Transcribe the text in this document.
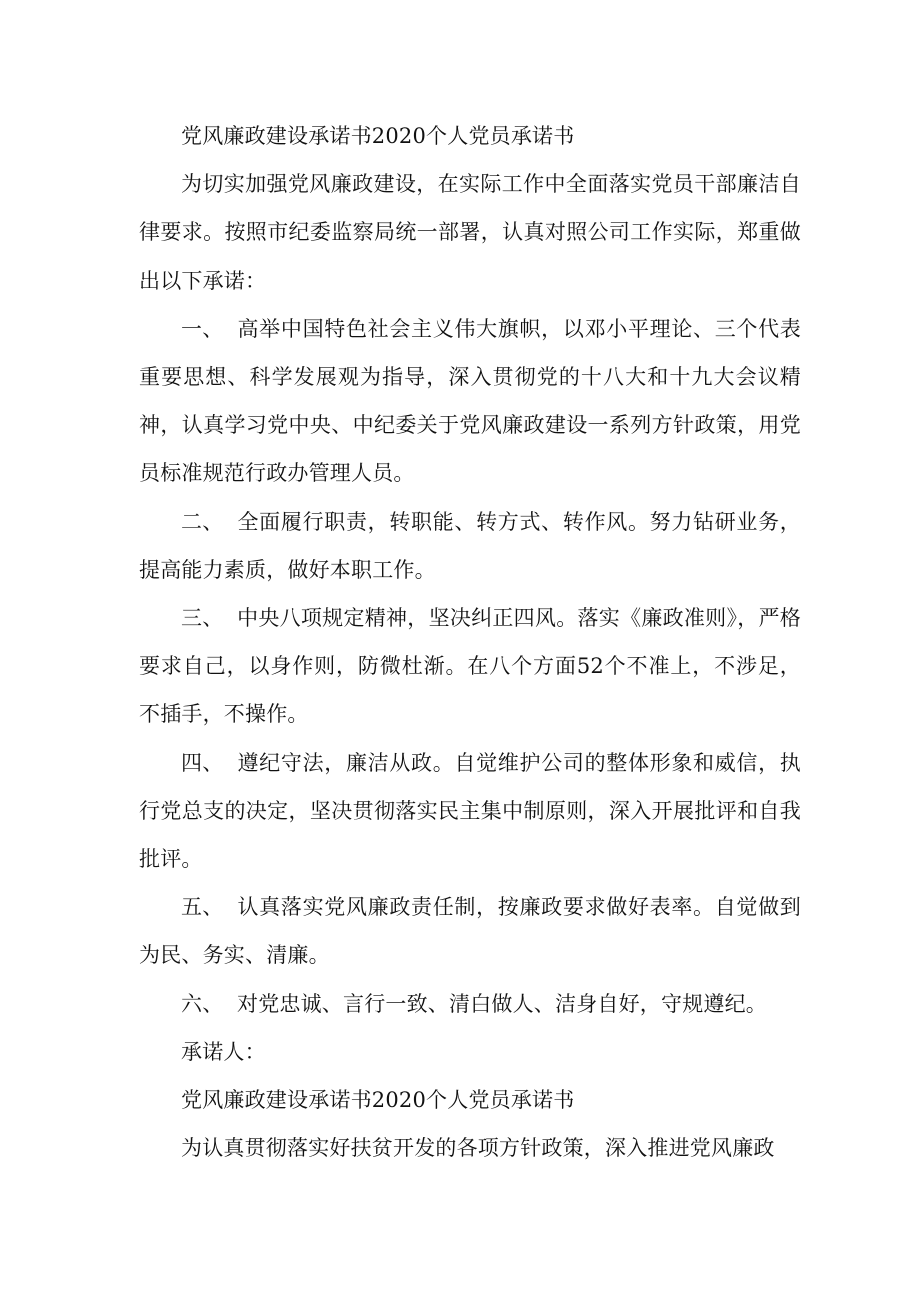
党风廉政建设承诺书2020个人党员承诺书

为切实加强党风廉政建设，在实际工作中全面落实党员干部廉洁自律要求。按照市纪委监察局统一部署，认真对照公司工作实际，郑重做出以下承诺：

一、 高举中国特色社会主义伟大旗帜，以邓小平理论、三个代表重要思想、科学发展观为指导，深入贯彻党的十八大和十九大会议精神，认真学习党中央、中纪委关于党风廉政建设一系列方针政策，用党员标准规范行政办管理人员。

二、 全面履行职责，转职能、转方式、转作风。努力钻研业务，提高能力素质，做好本职工作。

三、 中央八项规定精神，坚决纠正四风。落实《廉政准则》，严格要求自己，以身作则，防微杜渐。在八个方面52个不准上，不涉足，不插手，不操作。

四、 遵纪守法，廉洁从政。自觉维护公司的整体形象和威信，执行党总支的决定，坚决贯彻落实民主集中制原则，深入开展批评和自我批评。

五、 认真落实党风廉政责任制，按廉政要求做好表率。自觉做到为民、务实、清廉。

六、 对党忠诚、言行一致、清白做人、洁身自好，守规遵纪。

承诺人：

党风廉政建设承诺书2020个人党员承诺书

为认真贯彻落实好扶贫开发的各项方针政策，深入推进党风廉政
